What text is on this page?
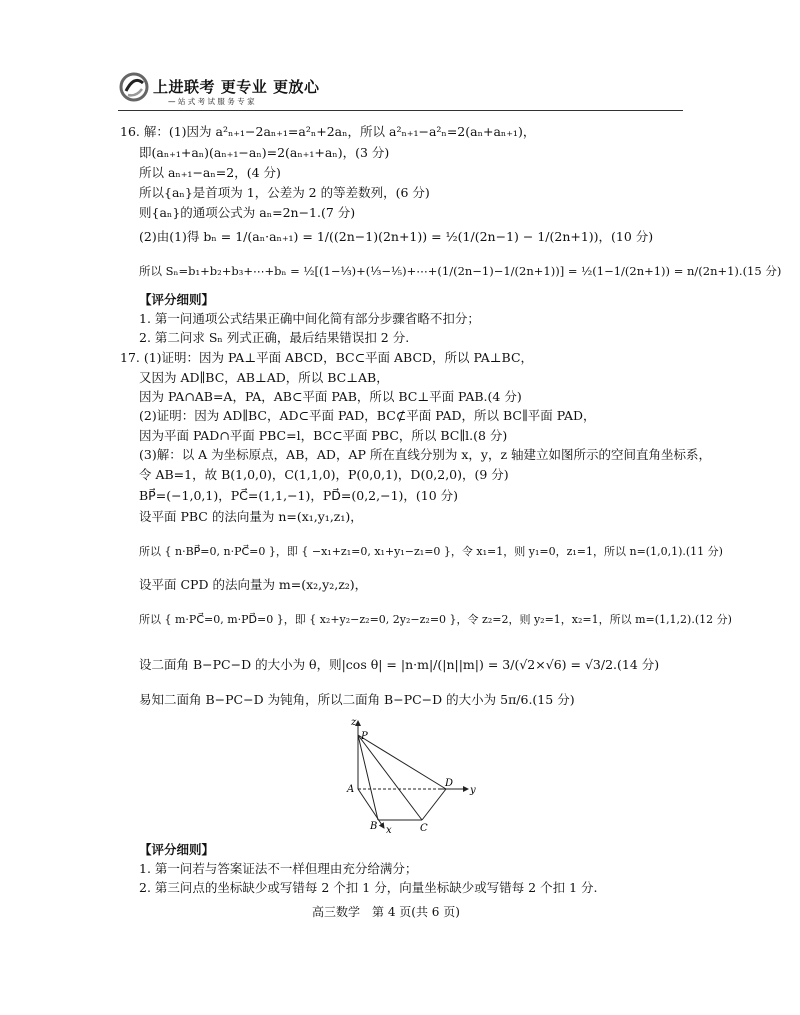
上进联考 更专业 更放心
— 站 式 考 试 服 务 专 家
16. 解：(1)因为 a²ₙ₊₁−2aₙ₊₁=a²ₙ+2aₙ，所以 a²ₙ₊₁−a²ₙ=2(aₙ+aₙ₊₁)，
即(aₙ₊₁+aₙ)(aₙ₊₁−aₙ)=2(aₙ₊₁+aₙ)，(3 分)
所以 aₙ₊₁−aₙ=2，(4 分)
所以{aₙ}是首项为 1，公差为 2 的等差数列，(6 分)
则{aₙ}的通项公式为 aₙ=2n−1.(7 分)
(2)由(1)得 bₙ = 1/(aₙ·aₙ₊₁) = 1/((2n−1)(2n+1)) = ½(1/(2n−1) − 1/(2n+1))，(10 分)
所以 Sₙ=b₁+b₂+b₃+⋯+bₙ = ½[(1−⅓)+(⅓−⅕)+⋯+(1/(2n−1)−1/(2n+1))] = ½(1−1/(2n+1)) = n/(2n+1).(15 分)
【评分细则】
1. 第一问通项公式结果正确中间化简有部分步骤省略不扣分；
2. 第二问求 Sₙ 列式正确，最后结果错误扣 2 分.
17. (1)证明：因为 PA⊥平面 ABCD，BC⊂平面 ABCD，所以 PA⊥BC，
又因为 AD∥BC，AB⊥AD，所以 BC⊥AB，
因为 PA∩AB=A，PA，AB⊂平面 PAB，所以 BC⊥平面 PAB.(4 分)
(2)证明：因为 AD∥BC，AD⊂平面 PAD，BC⊄平面 PAD，所以 BC∥平面 PAD，
因为平面 PAD∩平面 PBC=l，BC⊂平面 PBC，所以 BC∥l.(8 分)
(3)解：以 A 为坐标原点，AB，AD，AP 所在直线分别为 x，y，z 轴建立如图所示的空间直角坐标系，
令 AB=1，故 B(1,0,0)，C(1,1,0)，P(0,0,1)，D(0,2,0)，(9 分)
BP⃗=(−1,0,1)，PC⃗=(1,1,−1)，PD⃗=(0,2,−1)，(10 分)
设平面 PBC 的法向量为 n=(x₁,y₁,z₁)，
所以 { n·BP⃗=0, n·PC⃗=0 }，即 { −x₁+z₁=0, x₁+y₁−z₁=0 }，令 x₁=1，则 y₁=0，z₁=1，所以 n=(1,0,1).(11 分)
设平面 CPD 的法向量为 m=(x₂,y₂,z₂)，
所以 { m·PC⃗=0, m·PD⃗=0 }，即 { x₂+y₂−z₂=0, 2y₂−z₂=0 }，令 z₂=2，则 y₂=1，x₂=1，所以 m=(1,1,2).(12 分)
设二面角 B−PC−D 的大小为 θ，则|cos θ| = |n·m|/(|n||m|) = 3/(√2×√6) = √3/2.(14 分)
易知二面角 B−PC−D 为钝角，所以二面角 B−PC−D 的大小为 5π/6.(15 分)
z
P
A
D
y
B x	C
【评分细则】
1. 第一问若与答案证法不一样但理由充分给满分；
2. 第三问点的坐标缺少或写错每 2 个扣 1 分，向量坐标缺少或写错每 2 个扣 1 分.
高三数学　第 4 页(共 6 页)
